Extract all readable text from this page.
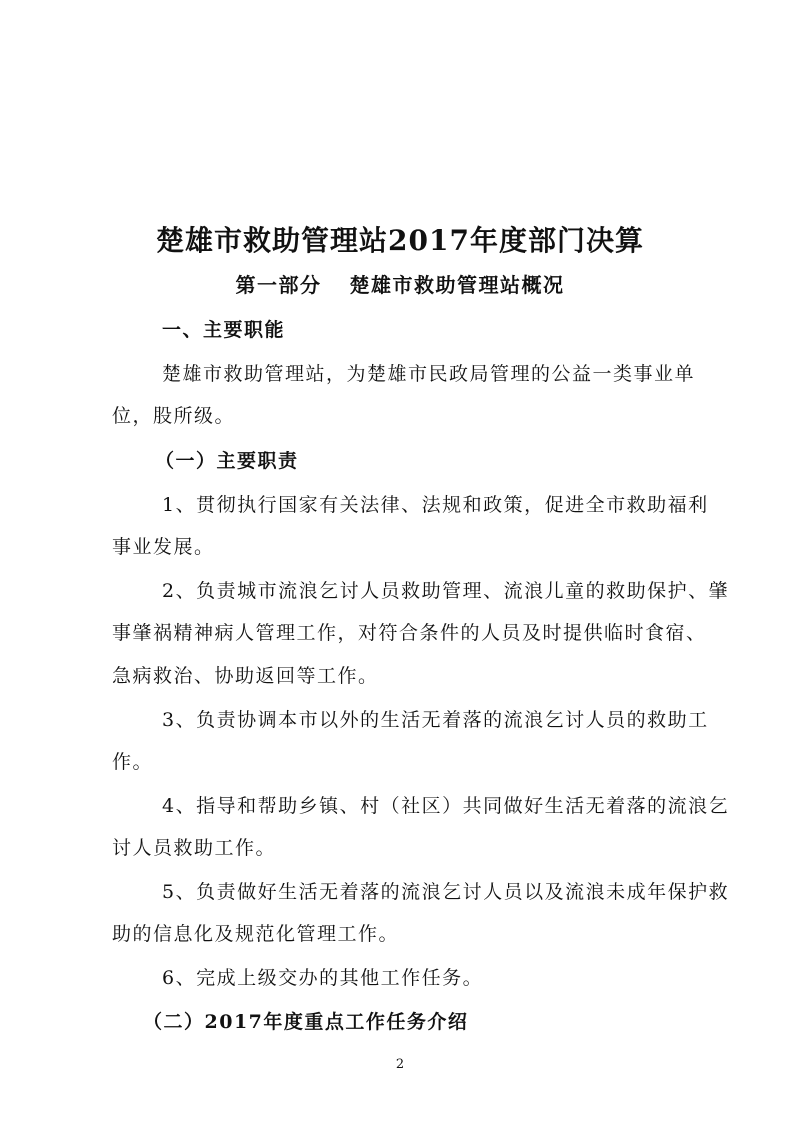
楚雄市救助管理站2017年度部门决算
第一部分 楚雄市救助管理站概况
一、主要职能
楚雄市救助管理站，为楚雄市民政局管理的公益一类事业单
位，股所级。
（一）主要职责
1、贯彻执行国家有关法律、法规和政策，促进全市救助福利
事业发展。
2、负责城市流浪乞讨人员救助管理、流浪儿童的救助保护、肇
事肇祸精神病人管理工作，对符合条件的人员及时提供临时食宿、
急病救治、协助返回等工作。
3、负责协调本市以外的生活无着落的流浪乞讨人员的救助工
作。
4、指导和帮助乡镇、村（社区）共同做好生活无着落的流浪乞
讨人员救助工作。
5、负责做好生活无着落的流浪乞讨人员以及流浪未成年保护救
助的信息化及规范化管理工作。
6、完成上级交办的其他工作任务。
（二）2017年度重点工作任务介绍
2
